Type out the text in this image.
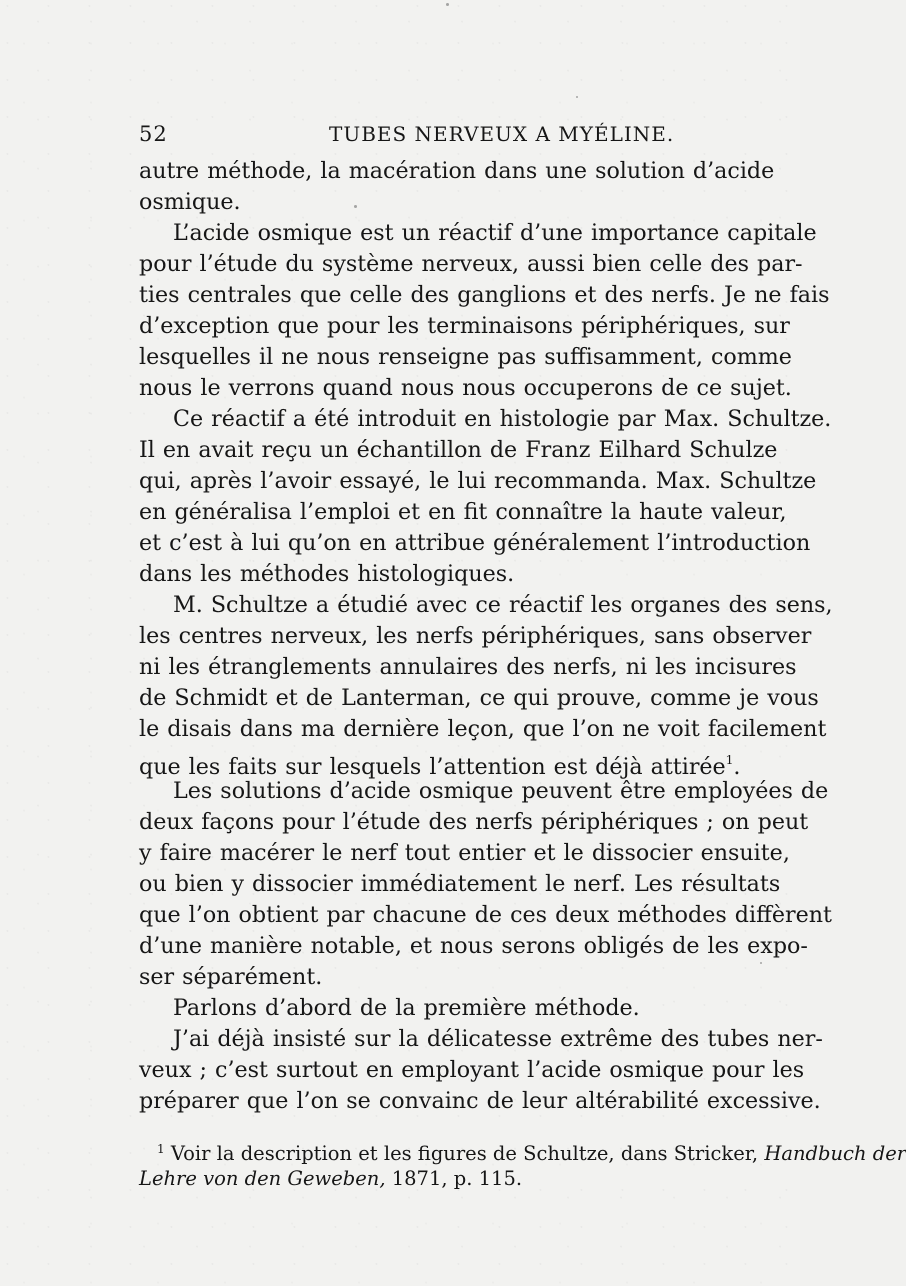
52	TUBES NERVEUX A MYÉLINE.
autre méthode, la macération dans une solution d’acide
osmique.
L’acide osmique est un réactif d’une importance capitale
pour l’étude du système nerveux, aussi bien celle des par-
ties centrales que celle des ganglions et des nerfs. Je ne fais
d’exception que pour les terminaisons périphériques, sur
lesquelles il ne nous renseigne pas suffisamment, comme
nous le verrons quand nous nous occuperons de ce sujet.
Ce réactif a été introduit en histologie par Max. Schultze.
Il en avait reçu un échantillon de Franz Eilhard Schulze
qui, après l’avoir essayé, le lui recommanda. Max. Schultze
en généralisa l’emploi et en fit connaître la haute valeur,
et c’est à lui qu’on en attribue généralement l’introduction
dans les méthodes histologiques.
M. Schultze a étudié avec ce réactif les organes des sens,
les centres nerveux, les nerfs périphériques, sans observer
ni les étranglements annulaires des nerfs, ni les incisures
de Schmidt et de Lanterman, ce qui prouve, comme je vous
le disais dans ma dernière leçon, que l’on ne voit facilement
que les faits sur lesquels l’attention est déjà attirée$^1$.
Les solutions d’acide osmique peuvent être employées de
deux façons pour l’étude des nerfs périphériques ; on peut
y faire macérer le nerf tout entier et le dissocier ensuite,
ou bien y dissocier immédiatement le nerf. Les résultats
que l’on obtient par chacune de ces deux méthodes diffèrent
d’une manière notable, et nous serons obligés de les expo-
ser séparément.
Parlons d’abord de la première méthode.
J’ai déjà insisté sur la délicatesse extrême des tubes ner-
veux ; c’est surtout en employant l’acide osmique pour les
préparer que l’on se convainc de leur altérabilité excessive.
$^1$ Voir la description et les figures de Schultze, dans Stricker, Handbuch der
Lehre von den Geweben, 1871, p. 115.
